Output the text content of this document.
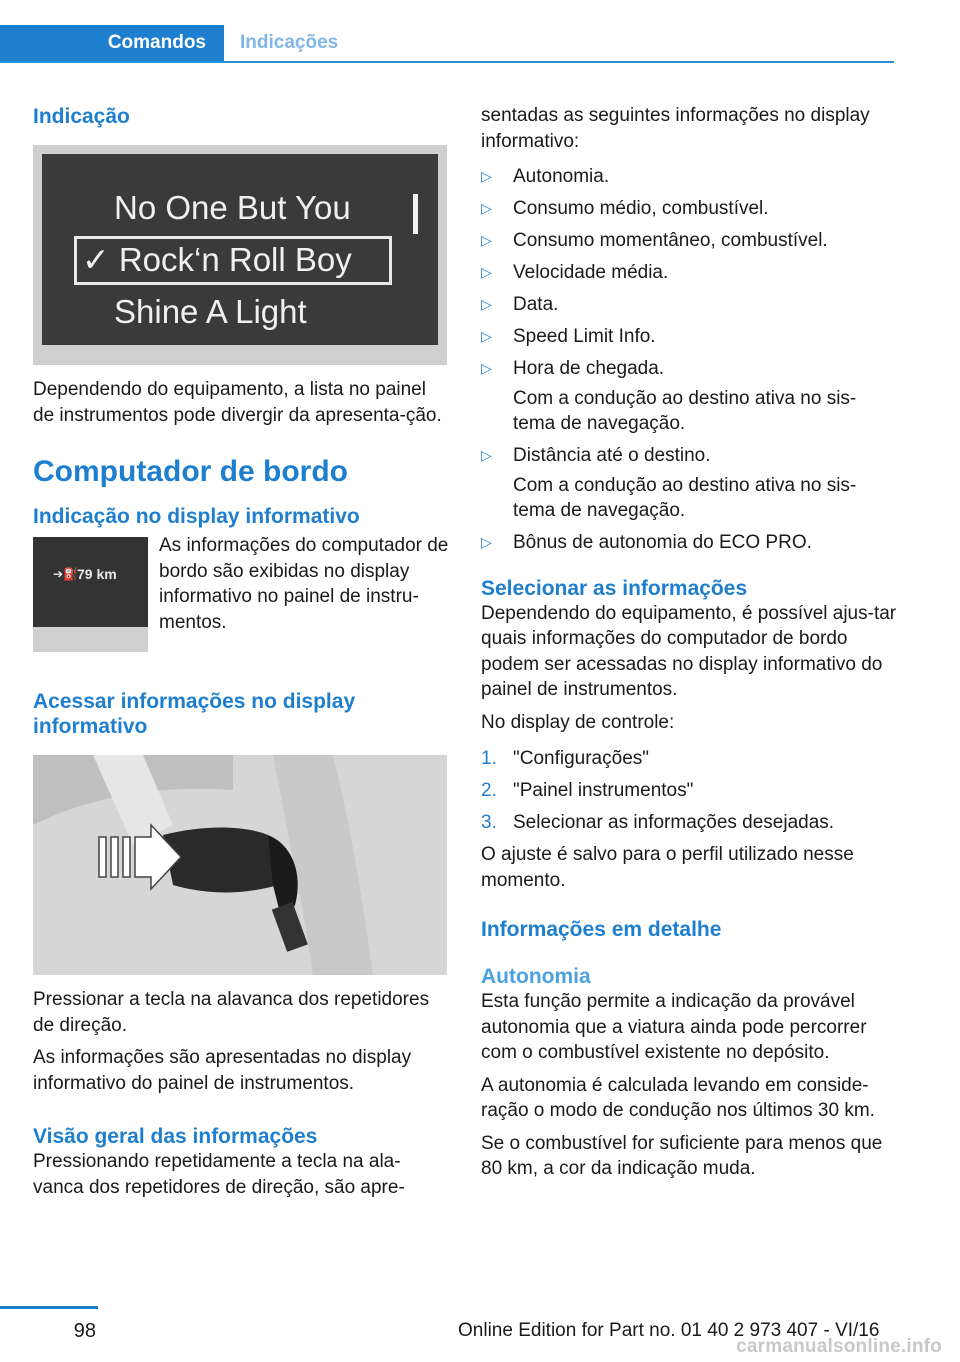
Comandos	Indicações
Indicação
No One But You
✓ Rock‘n Roll Boy
Shine A Light

Dependendo do equipamento, a lista no painel de instrumentos pode divergir da apresenta-ção.

Computador de bordo
Indicação no display informativo
➔⛽ 79 km

As informações do computador de bordo são exibidas no display informativo no painel de instru-mentos.

Acessar informações no display informativo

Pressionar a tecla na alavanca dos repetidores de direção.

As informações são apresentadas no display informativo do painel de instrumentos.

Visão geral das informações

Pressionando repetidamente a tecla na ala-vanca dos repetidores de direção, são apre-

sentadas as seguintes informações no display informativo:

▷ Autonomia.
▷ Consumo médio, combustível.
▷ Consumo momentâneo, combustível.
▷ Velocidade média.
▷ Data.
▷ Speed Limit Info.
▷ Hora de chegada.
Com a condução ao destino ativa no sis-tema de navegação.
▷ Distância até o destino.
Com a condução ao destino ativa no sis-tema de navegação.
▷ Bônus de autonomia do ECO PRO.
Selecionar as informações

Dependendo do equipamento, é possível ajus-tar quais informações do computador de bordo podem ser acessadas no display informativo do painel de instrumentos.

No display de controle:

1. "Configurações"
2. "Painel instrumentos"
3. Selecionar as informações desejadas.

O ajuste é salvo para o perfil utilizado nesse momento.

Informações em detalhe
Autonomia

Esta função permite a indicação da provável autonomia que a viatura ainda pode percorrer com o combustível existente no depósito.

A autonomia é calculada levando em conside-ração o modo de condução nos últimos 30 km.

Se o combustível for suficiente para menos que 80 km, a cor da indicação muda.

98	Online Edition for Part no. 01 40 2 973 407 - VI/16
carmanualsonline.info
